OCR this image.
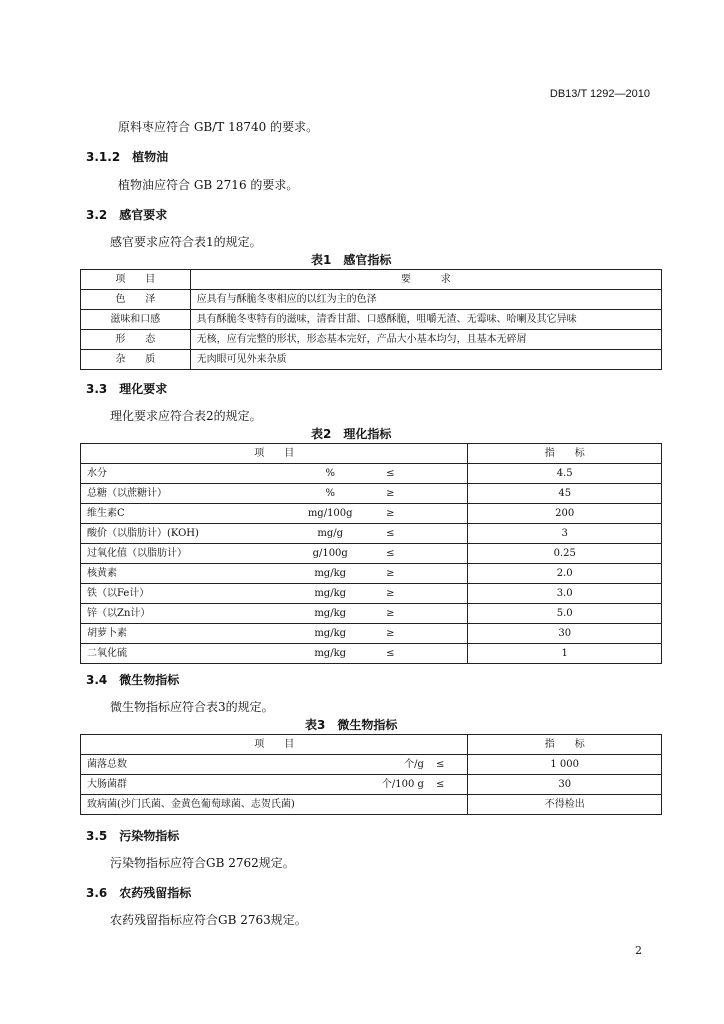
DB13/T 1292—2010
原料枣应符合 GB/T 18740 的要求。
3.1.2　植物油
植物油应符合 GB 2716 的要求。
3.2　感官要求
感官要求应符合表1的规定。
表1　感官指标
项　　目	要　　　求
色　　泽	应具有与酥脆冬枣相应的以红为主的色泽
滋味和口感	具有酥脆冬枣特有的滋味，清香甘甜、口感酥脆，咀嚼无渣、无霉味、哈喇及其它异味
形　　态	无核，应有完整的形状，形态基本完好，产品大小基本均匀，且基本无碎屑
杂　　质	无肉眼可见外来杂质
3.3　理化要求
理化要求应符合表2的规定。
表2　理化指标
项　　目			指　　标
水分	%	≤	4.5
总糖（以蔗糖计）	%	≥	45
维生素C	mg/100g	≥	200
酸价（以脂肪计）(KOH)	mg/g	≤	3
过氧化值（以脂肪计）	g/100g	≤	0.25
核黄素	mg/kg	≥	2.0
铁（以Fe计）	mg/kg	≥	3.0
锌（以Zn计）	mg/kg	≥	5.0
胡萝卜素	mg/kg	≥	30
二氧化硫	mg/kg	≤	1
3.4　微生物指标
微生物指标应符合表3的规定。
表3　微生物指标
项　　目			指　　标
菌落总数	个/g	≤	1 000
大肠菌群	个/100 g	≤	30
致病菌(沙门氏菌、金黄色葡萄球菌、志贺氏菌)			不得检出
3.5　污染物指标
污染物指标应符合GB 2762规定。
3.6　农药残留指标
农药残留指标应符合GB 2763规定。
2
